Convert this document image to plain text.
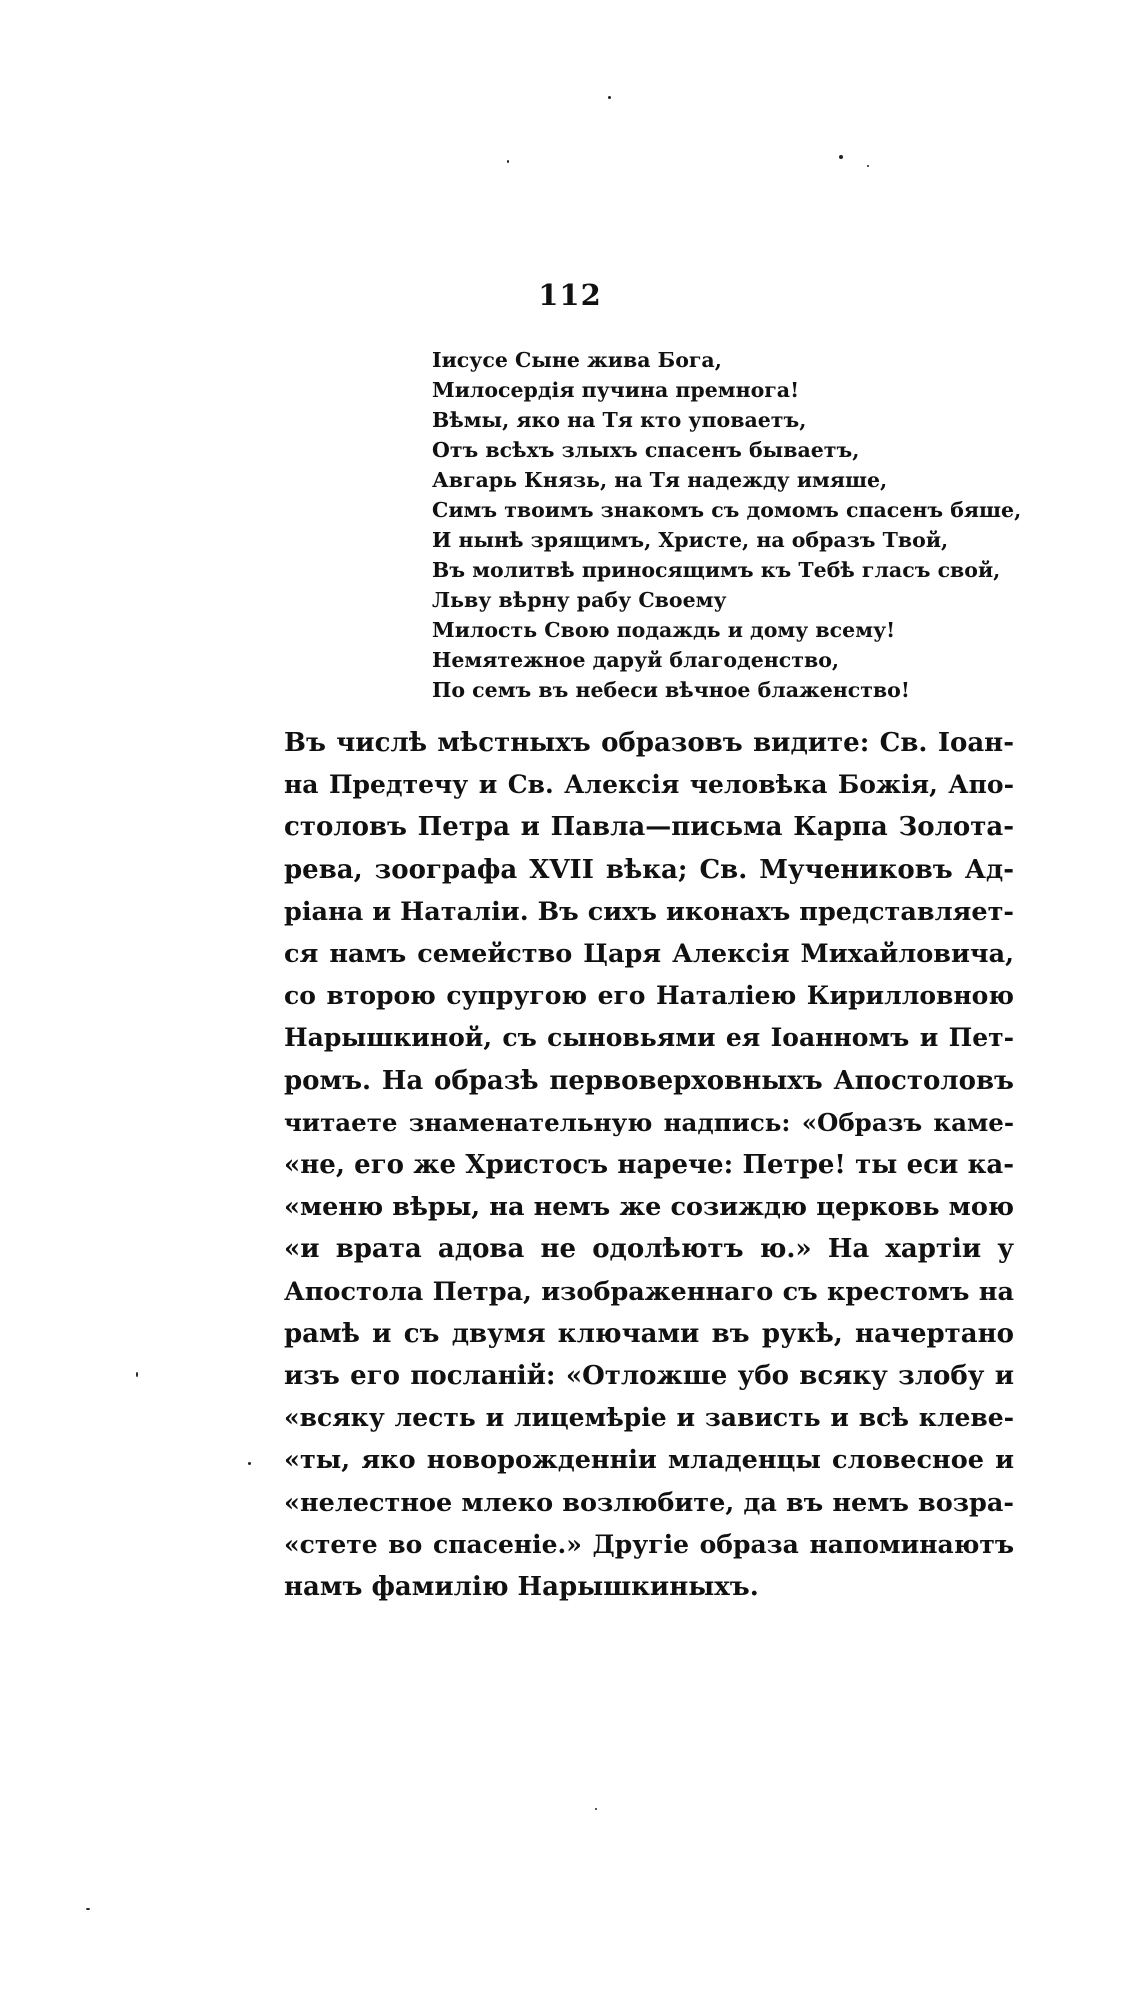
112
Іисусе Сыне жива Бога,
Милосердія пучина премнога!
Вѣмы, яко на Тя кто уповаетъ,
Отъ всѣхъ злыхъ спасенъ бываетъ,
Авгарь Князь, на Тя надежду имяше,
Симъ твоимъ знакомъ съ домомъ спасенъ бяше,
И нынѣ зрящимъ, Христе, на образъ Твой,
Въ молитвѣ приносящимъ къ Тебѣ гласъ свой,
Льву вѣрну рабу Своему
Милость Свою подаждь и дому всему!
Немятежное даруй благоденство,
По семъ въ небеси вѣчное блаженство!
Въ числѣ мѣстныхъ образовъ видите: Св. Іоан-
на Предтечу и Св. Алексія человѣка Божія, Апо-
столовъ Петра и Павла—письма Карпа Золота-
рева, зоографа XVII вѣка; Св. Мучениковъ Ад-
ріана и Наталіи. Въ сихъ иконахъ представляет-
ся намъ семейство Царя Алексія Михайловича,
со второю супругою его Наталіею Кирилловною
Нарышкиной, съ сыновьями ея Іоанномъ и Пет-
ромъ. На образѣ первоверховныхъ Апостоловъ
читаете знаменательную надпись: «Образъ каме-
«не, его же Христосъ нарече: Петре! ты еси ка-
«меню вѣры, на немъ же созиждю церковь мою
«и врата адова не одолѣютъ ю.» На хартіи у
Апостола Петра, изображеннаго съ крестомъ на
рамѣ и съ двумя ключами въ рукѣ, начертано
изъ его посланій: «Отложше убо всяку злобу и
«всяку лесть и лицемѣріе и зависть и всѣ клеве-
«ты, яко новорожденніи младенцы словесное и
«нелестное млеко возлюбите, да въ немъ возра-
«стете во спасеніе.» Другіе образа напоминаютъ
намъ фамилію Нарышкиныхъ.
